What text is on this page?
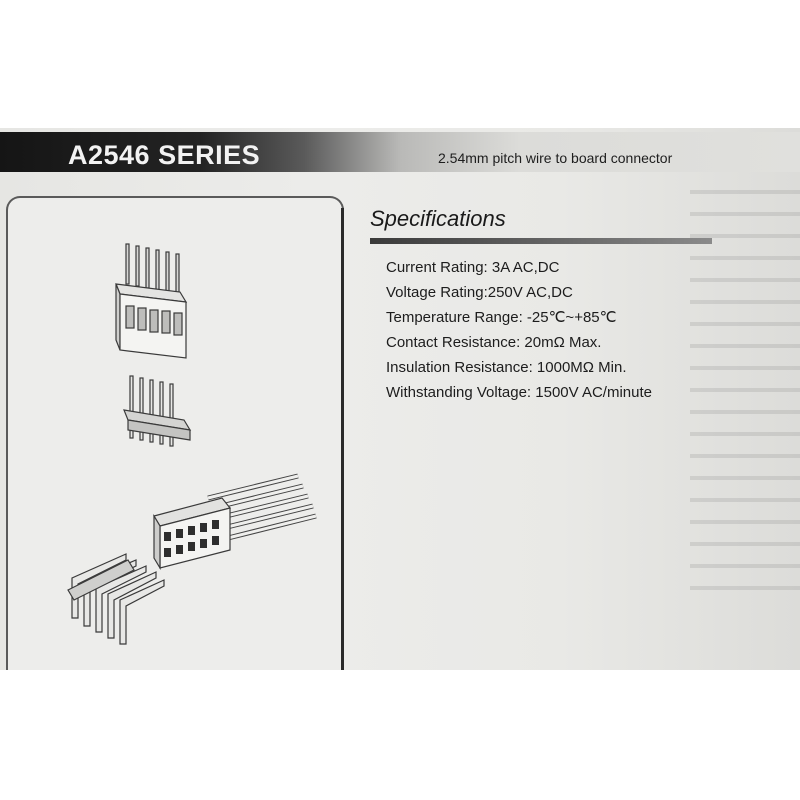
A2546 SERIES	2.54mm pitch wire to board connector
Specifications
Current Rating: 3A AC,DC
Voltage Rating:250V AC,DC
Temperature Range: -25℃~+85℃
Contact Resistance: 20mΩ Max.
Insulation Resistance: 1000MΩ Min.
Withstanding Voltage: 1500V AC/minute
